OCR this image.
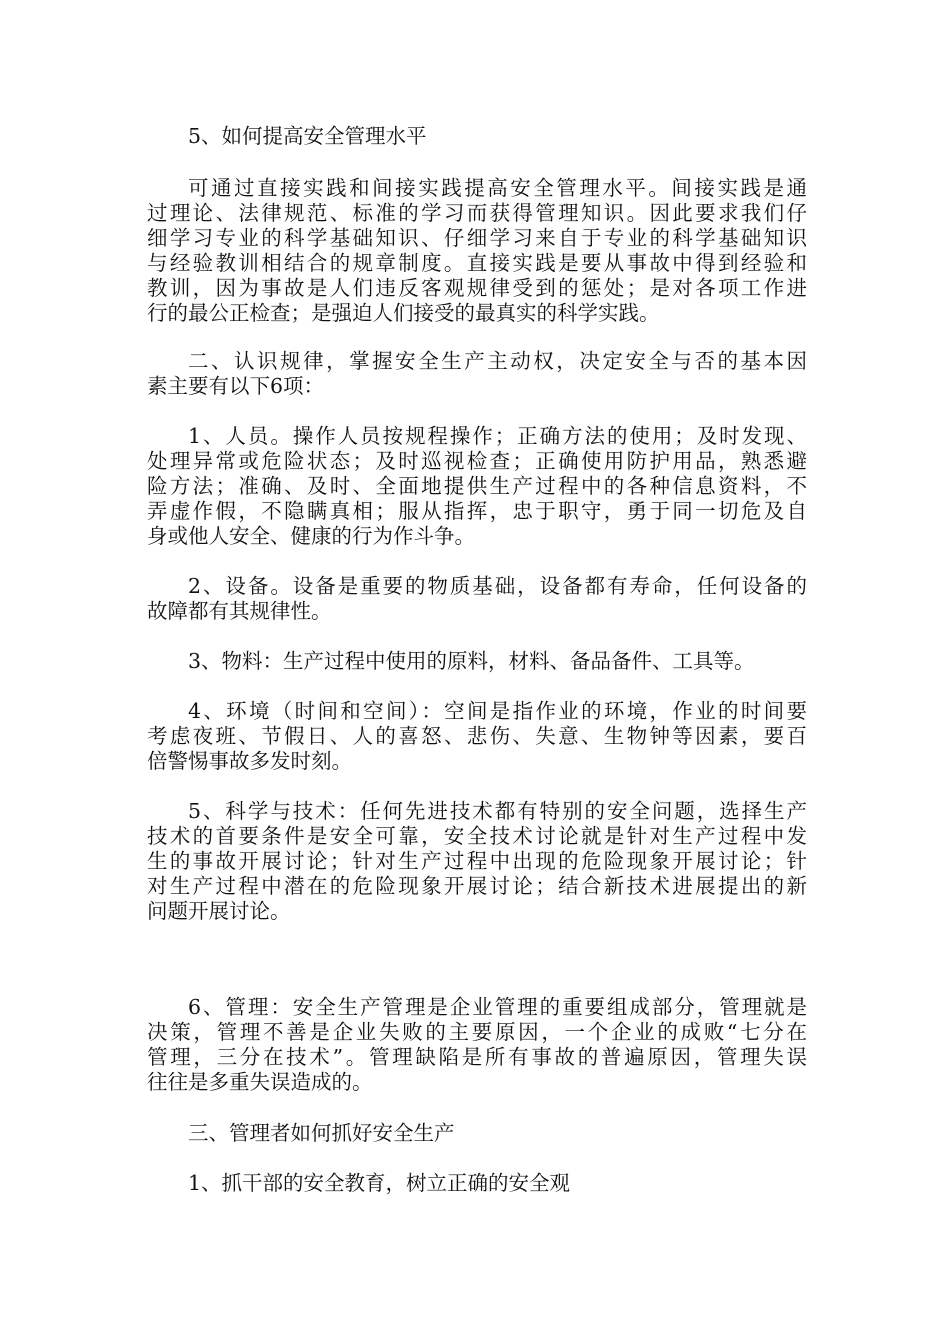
5、如何提高安全管理水平

可通过直接实践和间接实践提高安全管理水平。间接实践是通
过理论、法律规范、标准的学习而获得管理知识。因此要求我们仔
细学习专业的科学基础知识、仔细学习来自于专业的科学基础知识
与经验教训相结合的规章制度。直接实践是要从事故中得到经验和
教训，因为事故是人们违反客观规律受到的惩处；是对各项工作进
行的最公正检查；是强迫人们接受的最真实的科学实践。

二、认识规律，掌握安全生产主动权，决定安全与否的基本因
素主要有以下6项：

1、人员。操作人员按规程操作；正确方法的使用；及时发现、
处理异常或危险状态；及时巡视检查；正确使用防护用品，熟悉避
险方法；准确、及时、全面地提供生产过程中的各种信息资料，不
弄虚作假，不隐瞒真相；服从指挥，忠于职守，勇于同一切危及自
身或他人安全、健康的行为作斗争。

2、设备。设备是重要的物质基础，设备都有寿命，任何设备的
故障都有其规律性。

3、物料：生产过程中使用的原料，材料、备品备件、工具等。

4、环境（时间和空间）：空间是指作业的环境，作业的时间要
考虑夜班、节假日、人的喜怒、悲伤、失意、生物钟等因素，要百
倍警惕事故多发时刻。

5、科学与技术：任何先进技术都有特别的安全问题，选择生产
技术的首要条件是安全可靠，安全技术讨论就是针对生产过程中发
生的事故开展讨论；针对生产过程中出现的危险现象开展讨论；针
对生产过程中潜在的危险现象开展讨论；结合新技术进展提出的新
问题开展讨论。

6、管理：安全生产管理是企业管理的重要组成部分，管理就是
决策，管理不善是企业失败的主要原因，一个企业的成败“七分在
管理，三分在技术”。管理缺陷是所有事故的普遍原因，管理失误
往往是多重失误造成的。

三、管理者如何抓好安全生产

1、抓干部的安全教育，树立正确的安全观
